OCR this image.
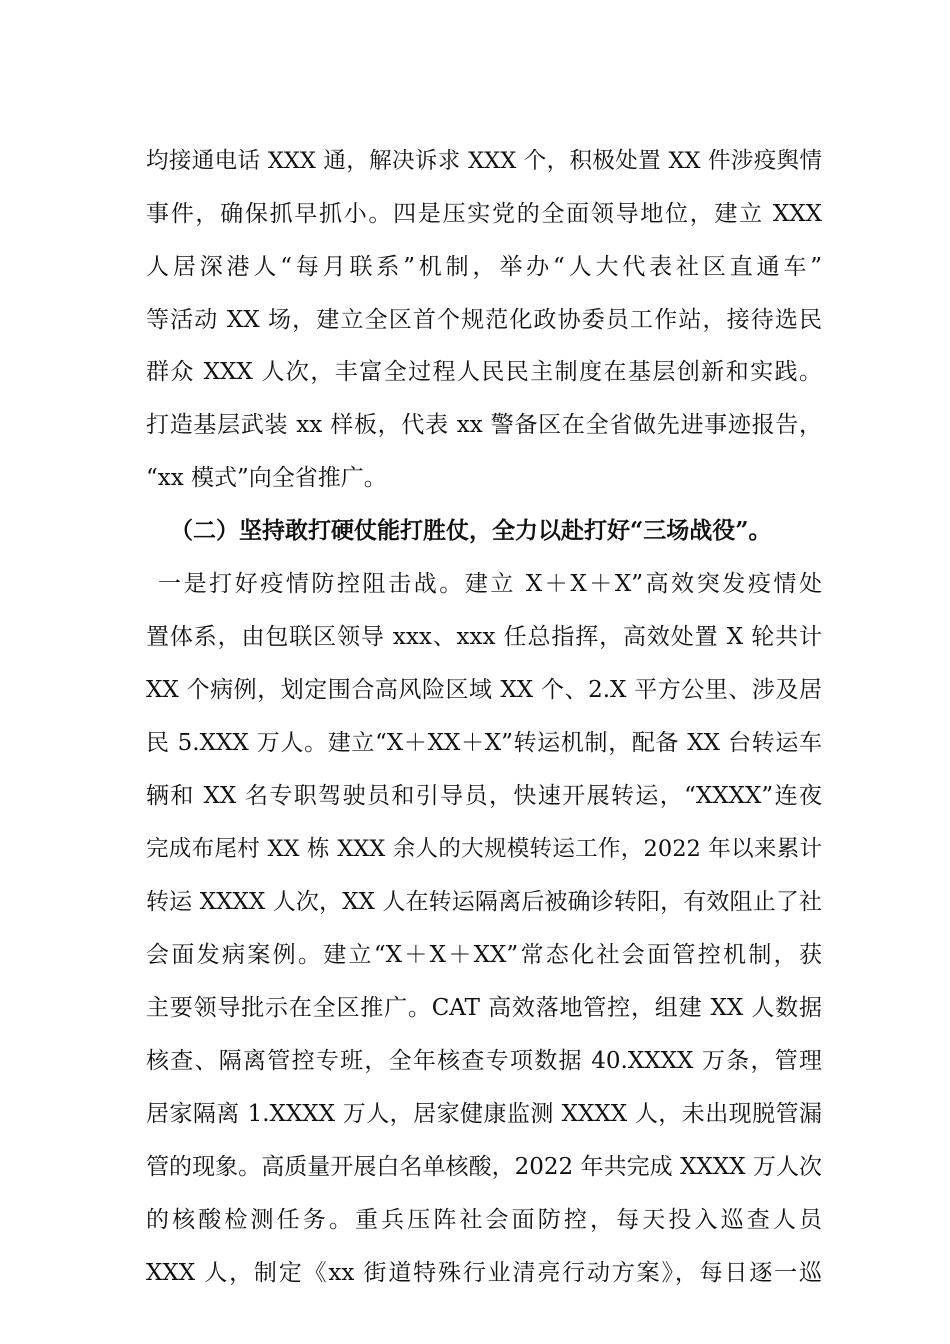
均接通电话 XXX 通，解决诉求 XXX 个，积极处置 XX 件涉疫舆情
事件，确保抓早抓小。四是压实党的全面领导地位，建立 XXX
人居深港人“每月联系”机制，举办“人大代表社区直通车”
等活动 XX 场，建立全区首个规范化政协委员工作站，接待选民
群众 XXX 人次，丰富全过程人民民主制度在基层创新和实践。
打造基层武装 xx 样板，代表 xx 警备区在全省做先进事迹报告，
“xx 模式”向全省推广。
（二）坚持敢打硬仗能打胜仗，全力以赴打好“三场战役”。
一是打好疫情防控阻击战。建立 X＋X＋X”高效突发疫情处
置体系，由包联区领导 xxx、xxx 任总指挥，高效处置 X 轮共计
XX 个病例，划定围合高风险区域 XX 个、2.X 平方公里、涉及居
民 5.XXX 万人。建立“X＋XX＋X”转运机制，配备 XX 台转运车
辆和 XX 名专职驾驶员和引导员，快速开展转运，“XXXX”连夜
完成布尾村 XX 栋 XXX 余人的大规模转运工作，2022 年以来累计
转运 XXXX 人次，XX 人在转运隔离后被确诊转阳，有效阻止了社
会面发病案例。建立“X＋X＋XX”常态化社会面管控机制，获
主要领导批示在全区推广。CAT 高效落地管控，组建 XX 人数据
核查、隔离管控专班，全年核查专项数据 40.XXXX 万条，管理
居家隔离 1.XXXX 万人，居家健康监测 XXXX 人，未出现脱管漏
管的现象。高质量开展白名单核酸，2022 年共完成 XXXX 万人次
的核酸检测任务。重兵压阵社会面防控，每天投入巡查人员
XXX 人，制定《xx 街道特殊行业清亮行动方案》，每日逐一巡
